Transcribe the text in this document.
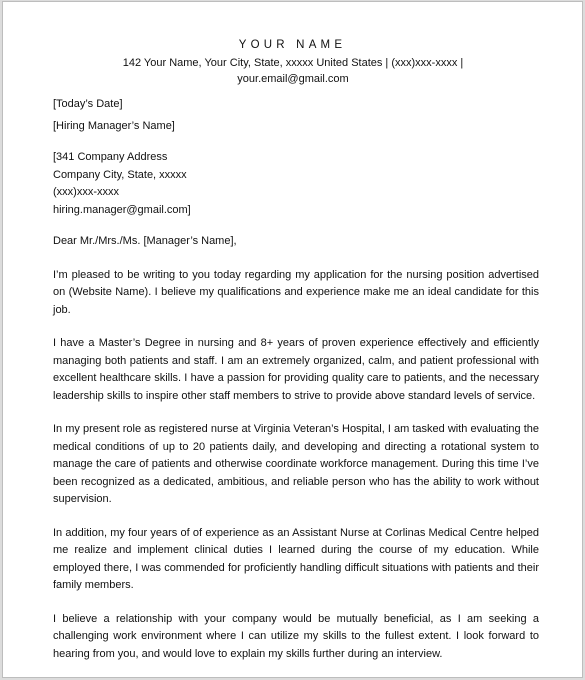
YOUR NAME
142 Your Name, Your City, State, xxxxx United States | (xxx)xxx-xxxx |
your.email@gmail.com
[Today’s Date]
[Hiring Manager’s Name]
[341 Company Address
Company City, State, xxxxx
(xxx)xxx-xxxx
hiring.manager@gmail.com]
Dear Mr./Mrs./Ms. [Manager’s Name],

I’m pleased to be writing to you today regarding my application for the nursing position advertised on (Website Name). I believe my qualifications and experience make me an ideal candidate for this job.

I have a Master’s Degree in nursing and 8+ years of proven experience effectively and efficiently managing both patients and staff. I am an extremely organized, calm, and patient professional with excellent healthcare skills. I have a passion for providing quality care to patients, and the necessary leadership skills to inspire other staff members to strive to provide above standard levels of service.

In my present role as registered nurse at Virginia Veteran’s Hospital, I am tasked with evaluating the medical conditions of up to 20 patients daily, and developing and directing a rotational system to manage the care of patients and otherwise coordinate workforce management. During this time I’ve been recognized as a dedicated, ambitious, and reliable person who has the ability to work without supervision.

In addition, my four years of of experience as an Assistant Nurse at Corlinas Medical Centre helped me realize and implement clinical duties I learned during the course of my education. While employed there, I was commended for proficiently handling difficult situations with patients and their family members.

I believe a relationship with your company would be mutually beneficial, as I am seeking a challenging work environment where I can utilize my skills to the fullest extent. I look forward to hearing from you, and would love to explain my skills further during an interview.
